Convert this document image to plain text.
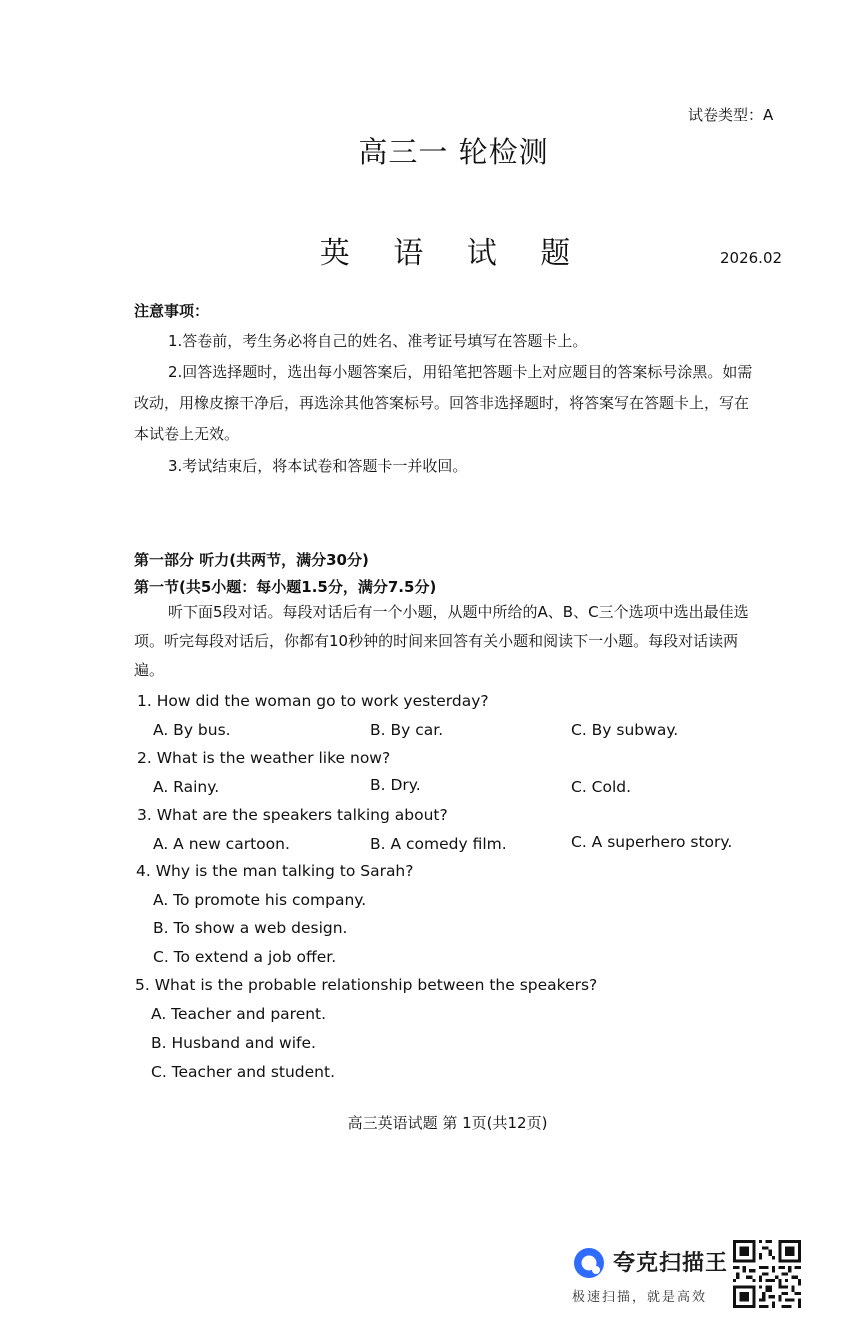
试卷类型：A
高三一 轮检测
英 语 试 题	2026.02
注意事项：
1.答卷前，考生务必将自己的姓名、准考证号填写在答题卡上。
2.回答选择题时，选出每小题答案后，用铅笔把答题卡上对应题目的答案标号涂黑。如需改动，用橡皮擦干净后，再选涂其他答案标号。回答非选择题时，将答案写在答题卡上，写在本试卷上无效。
3.考试结束后，将本试卷和答题卡一并收回。
第一部分 听力(共两节，满分30分)
第一节(共5小题：每小题1.5分，满分7.5分)
听下面5段对话。每段对话后有一个小题，从题中所给的A、B、C三个选项中选出最佳选项。听完每段对话后，你都有10秒钟的时间来回答有关小题和阅读下一小题。每段对话读两遍。
1. How did the woman go to work yesterday?
A. By bus.	B. By car.	C. By subway.
2. What is the weather like now?
A. Rainy.	B. Dry.	C. Cold.
3. What are the speakers talking about?
A. A new cartoon.	B. A comedy film.	C. A superhero story.
4. Why is the man talking to Sarah?
A. To promote his company.
B. To show a web design.
C. To extend a job offer.
5. What is the probable relationship between the speakers?
A. Teacher and parent.
B. Husband and wife.
C. Teacher and student.
高三英语试题 第 1页(共12页)
夸克扫描王
极速扫描，就是高效
